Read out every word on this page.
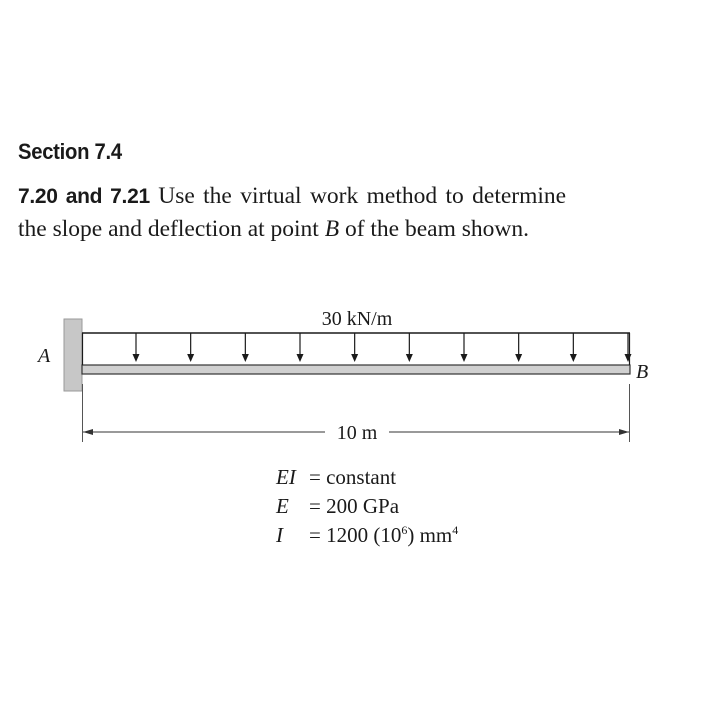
Section 7.4
7.20 and 7.21 Use the virtual work method to determine
the slope and deflection at point B of the beam shown.
A
B
30 kN/m
10 m
EI = constant
E = 200 GPa
I	= 1200 $(10^6)$ $mm^4$
